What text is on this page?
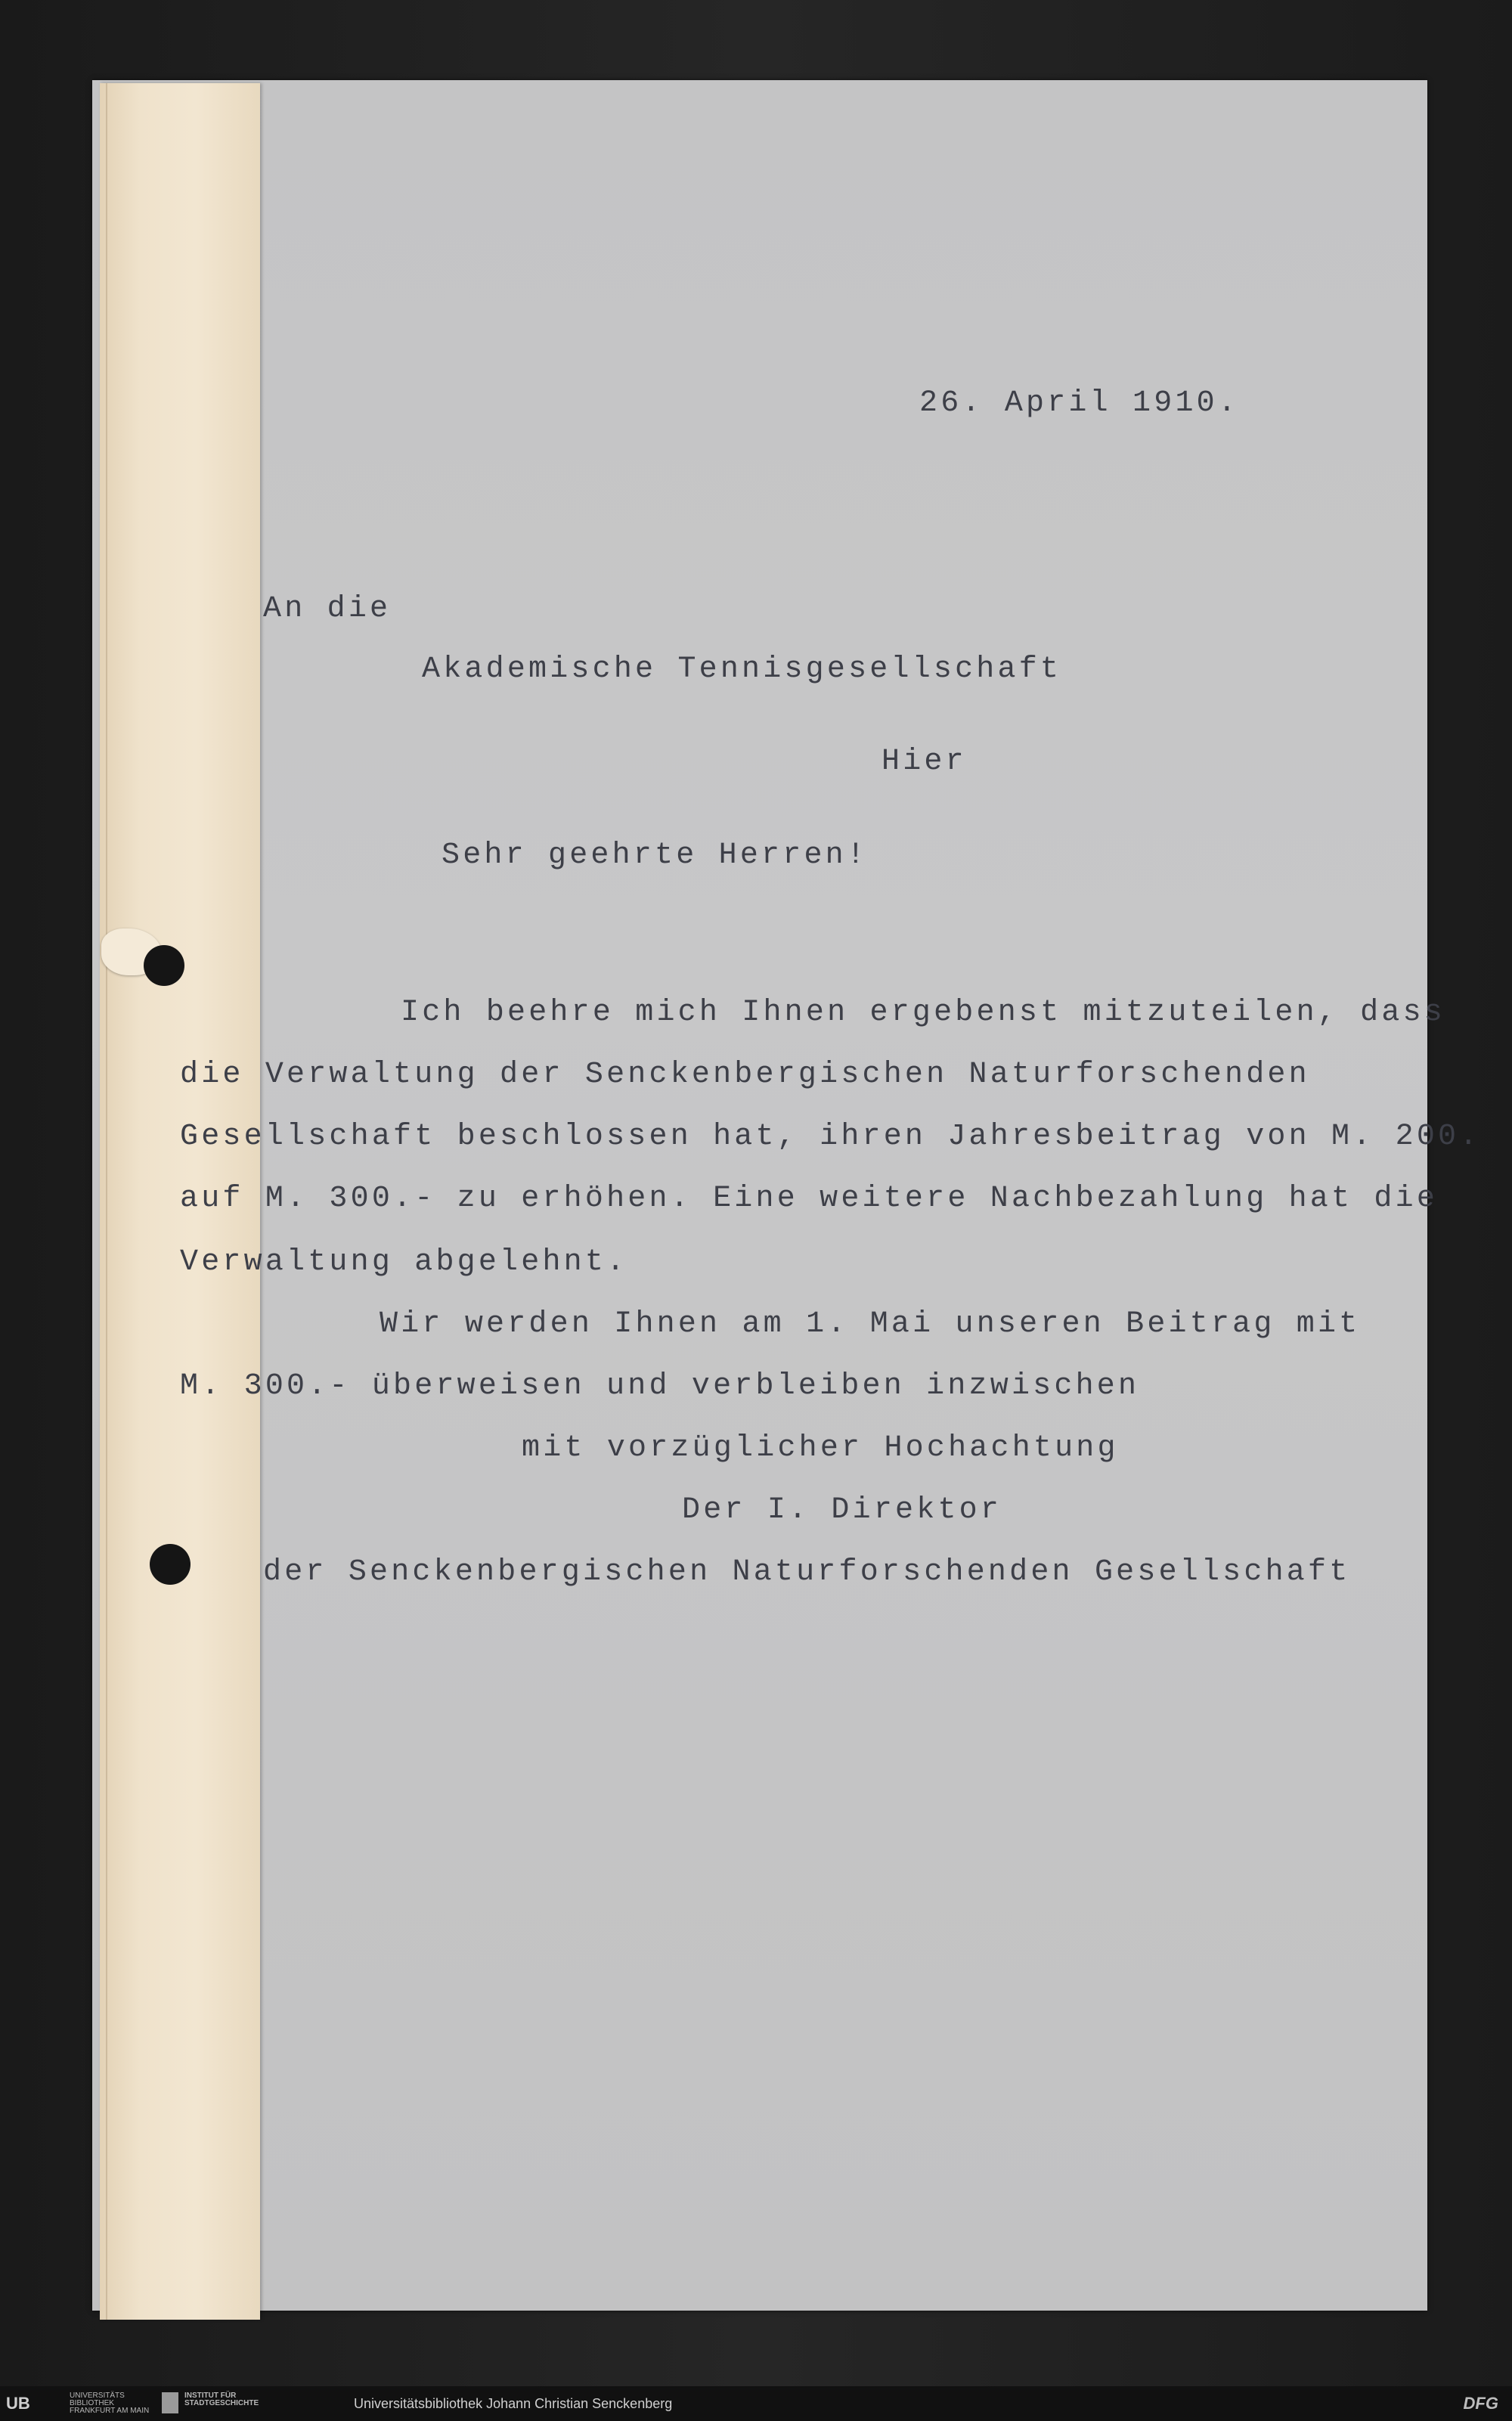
26. April 1910.

An die

Akademische Tennisgesellschaft

Hier

Sehr geehrte Herren!

Ich beehre mich Ihnen ergebenst mitzuteilen, dass

die Verwaltung der Senckenbergischen Naturforschenden

Gesellschaft beschlossen hat, ihren Jahresbeitrag von M. 200.

auf M. 300.- zu erhöhen. Eine weitere Nachbezahlung hat die

Verwaltung abgelehnt.

Wir werden Ihnen am 1. Mai unseren Beitrag mit

M. 300.- überweisen und verbleiben inzwischen

mit vorzüglicher Hochachtung

Der I. Direktor

der Senckenbergischen Naturforschenden Gesellschaft

UB	UNIVERSITÄTS BIBLIOTHEK FRANKFURT AM MAIN
INSTITUT FÜR STADTGESCHICHTE	Universitätsbibliothek Johann Christian Senckenberg	DFG
